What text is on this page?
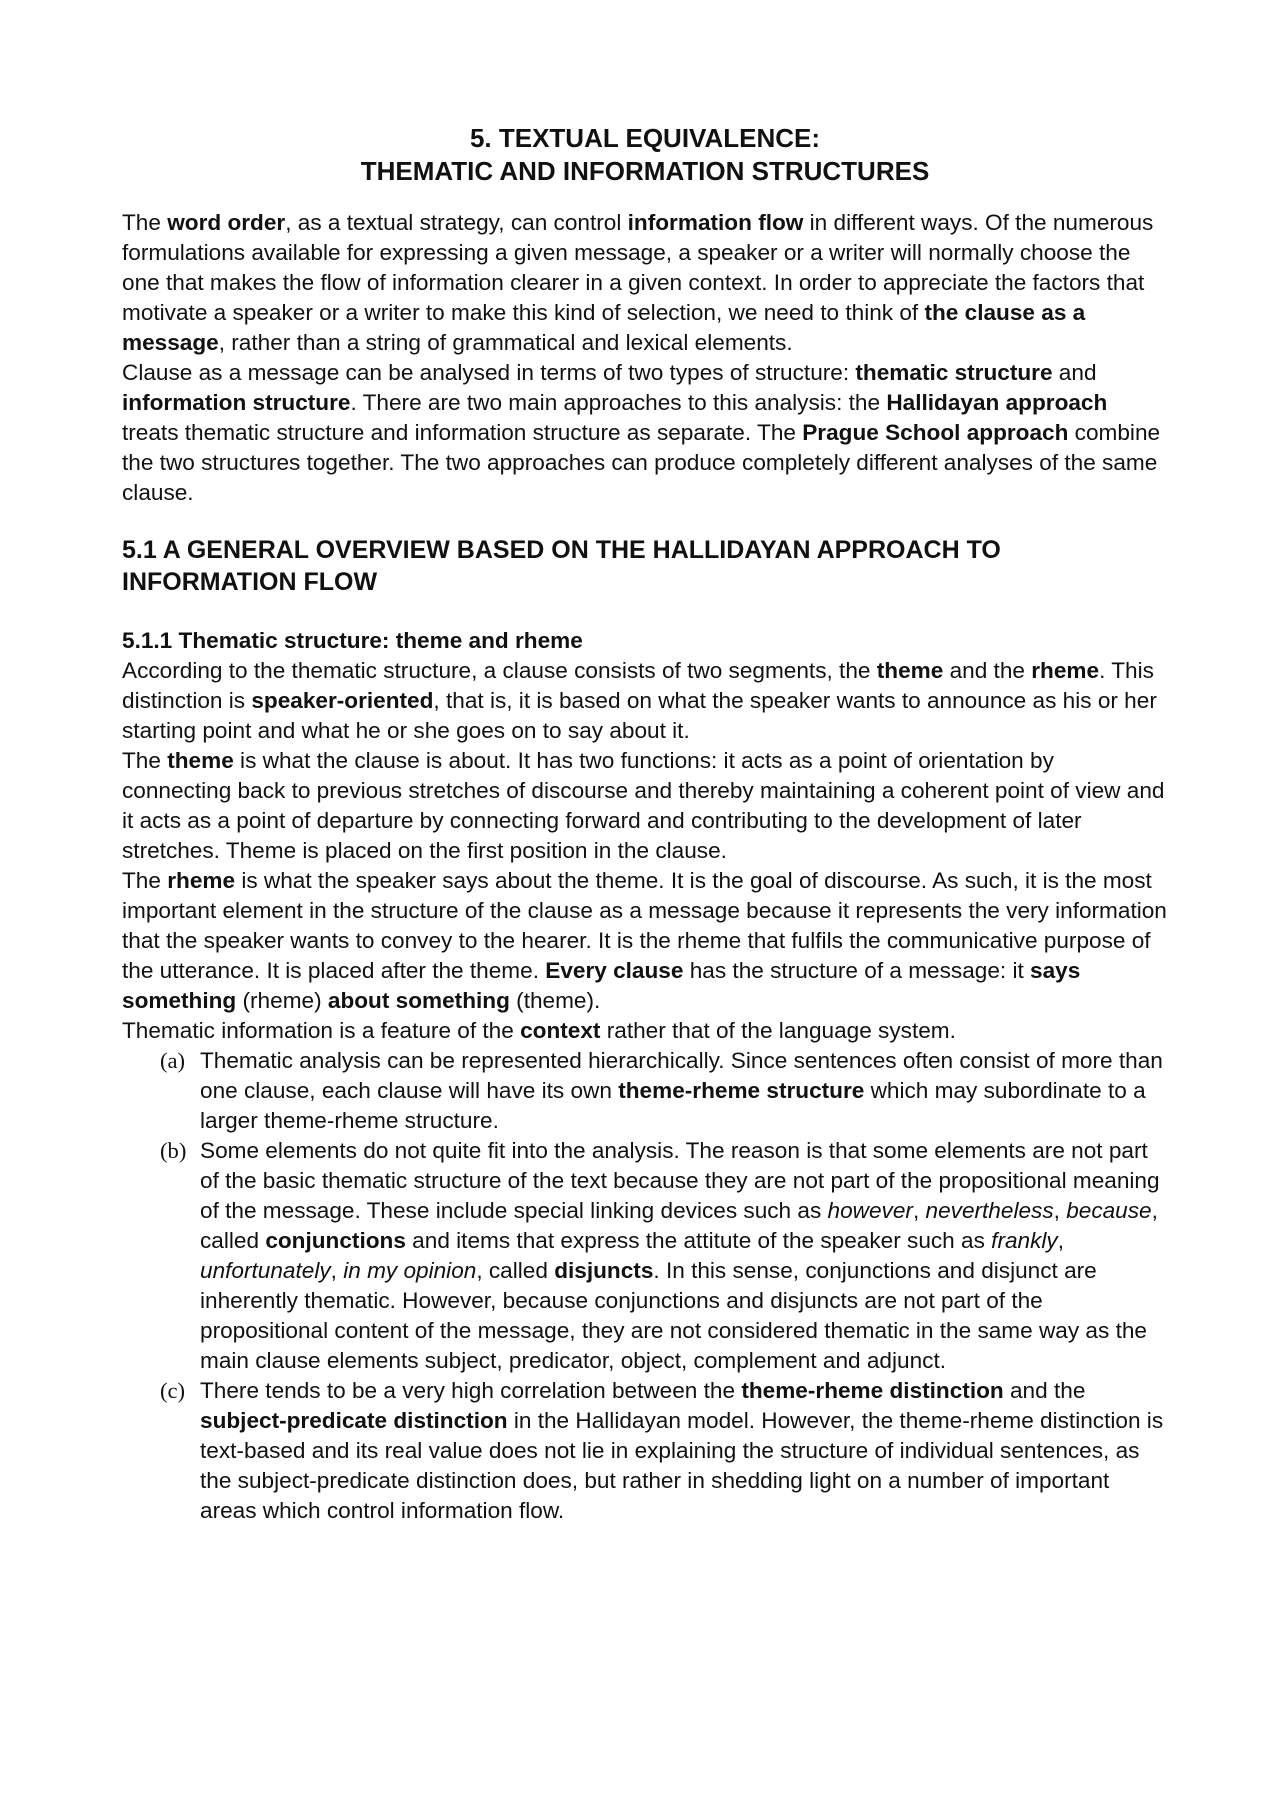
5. TEXTUAL EQUIVALENCE:
THEMATIC AND INFORMATION STRUCTURES

The word order, as a textual strategy, can control information flow in different ways. Of the numerous formulations available for expressing a given message, a speaker or a writer will normally choose the one that makes the flow of information clearer in a given context. In order to appreciate the factors that motivate a speaker or a writer to make this kind of selection, we need to think of the clause as a message, rather than a string of grammatical and lexical elements.

Clause as a message can be analysed in terms of two types of structure: thematic structure and information structure. There are two main approaches to this analysis: the Hallidayan approach treats thematic structure and information structure as separate. The Prague School approach combine the two structures together. The two approaches can produce completely different analyses of the same clause.

5.1 A GENERAL OVERVIEW BASED ON THE HALLIDAYAN APPROACH TO INFORMATION FLOW
5.1.1 Thematic structure: theme and rheme

According to the thematic structure, a clause consists of two segments, the theme and the rheme. This distinction is speaker-oriented, that is, it is based on what the speaker wants to announce as his or her starting point and what he or she goes on to say about it.

The theme is what the clause is about. It has two functions: it acts as a point of orientation by connecting back to previous stretches of discourse and thereby maintaining a coherent point of view and it acts as a point of departure by connecting forward and contributing to the development of later stretches. Theme is placed on the first position in the clause.

The rheme is what the speaker says about the theme. It is the goal of discourse. As such, it is the most important element in the structure of the clause as a message because it represents the very information that the speaker wants to convey to the hearer. It is the rheme that fulfils the communicative purpose of the utterance. It is placed after the theme. Every clause has the structure of a message: it says something (rheme) about something (theme).

Thematic information is a feature of the context rather that of the language system.

(a) Thematic analysis can be represented hierarchically. Since sentences often consist of more than one clause, each clause will have its own theme-rheme structure which may subordinate to a larger theme-rheme structure.
(b) Some elements do not quite fit into the analysis. The reason is that some elements are not part of the basic thematic structure of the text because they are not part of the propositional meaning of the message. These include special linking devices such as however, nevertheless, because, called conjunctions and items that express the attitute of the speaker such as frankly, unfortunately, in my opinion, called disjuncts. In this sense, conjunctions and disjunct are inherently thematic. However, because conjunctions and disjuncts are not part of the propositional content of the message, they are not considered thematic in the same way as the main clause elements subject, predicator, object, complement and adjunct.
(c) There tends to be a very high correlation between the theme-rheme distinction and the subject-predicate distinction in the Hallidayan model. However, the theme-rheme distinction is text-based and its real value does not lie in explaining the structure of individual sentences, as the subject-predicate distinction does, but rather in shedding light on a number of important areas which control information flow.
